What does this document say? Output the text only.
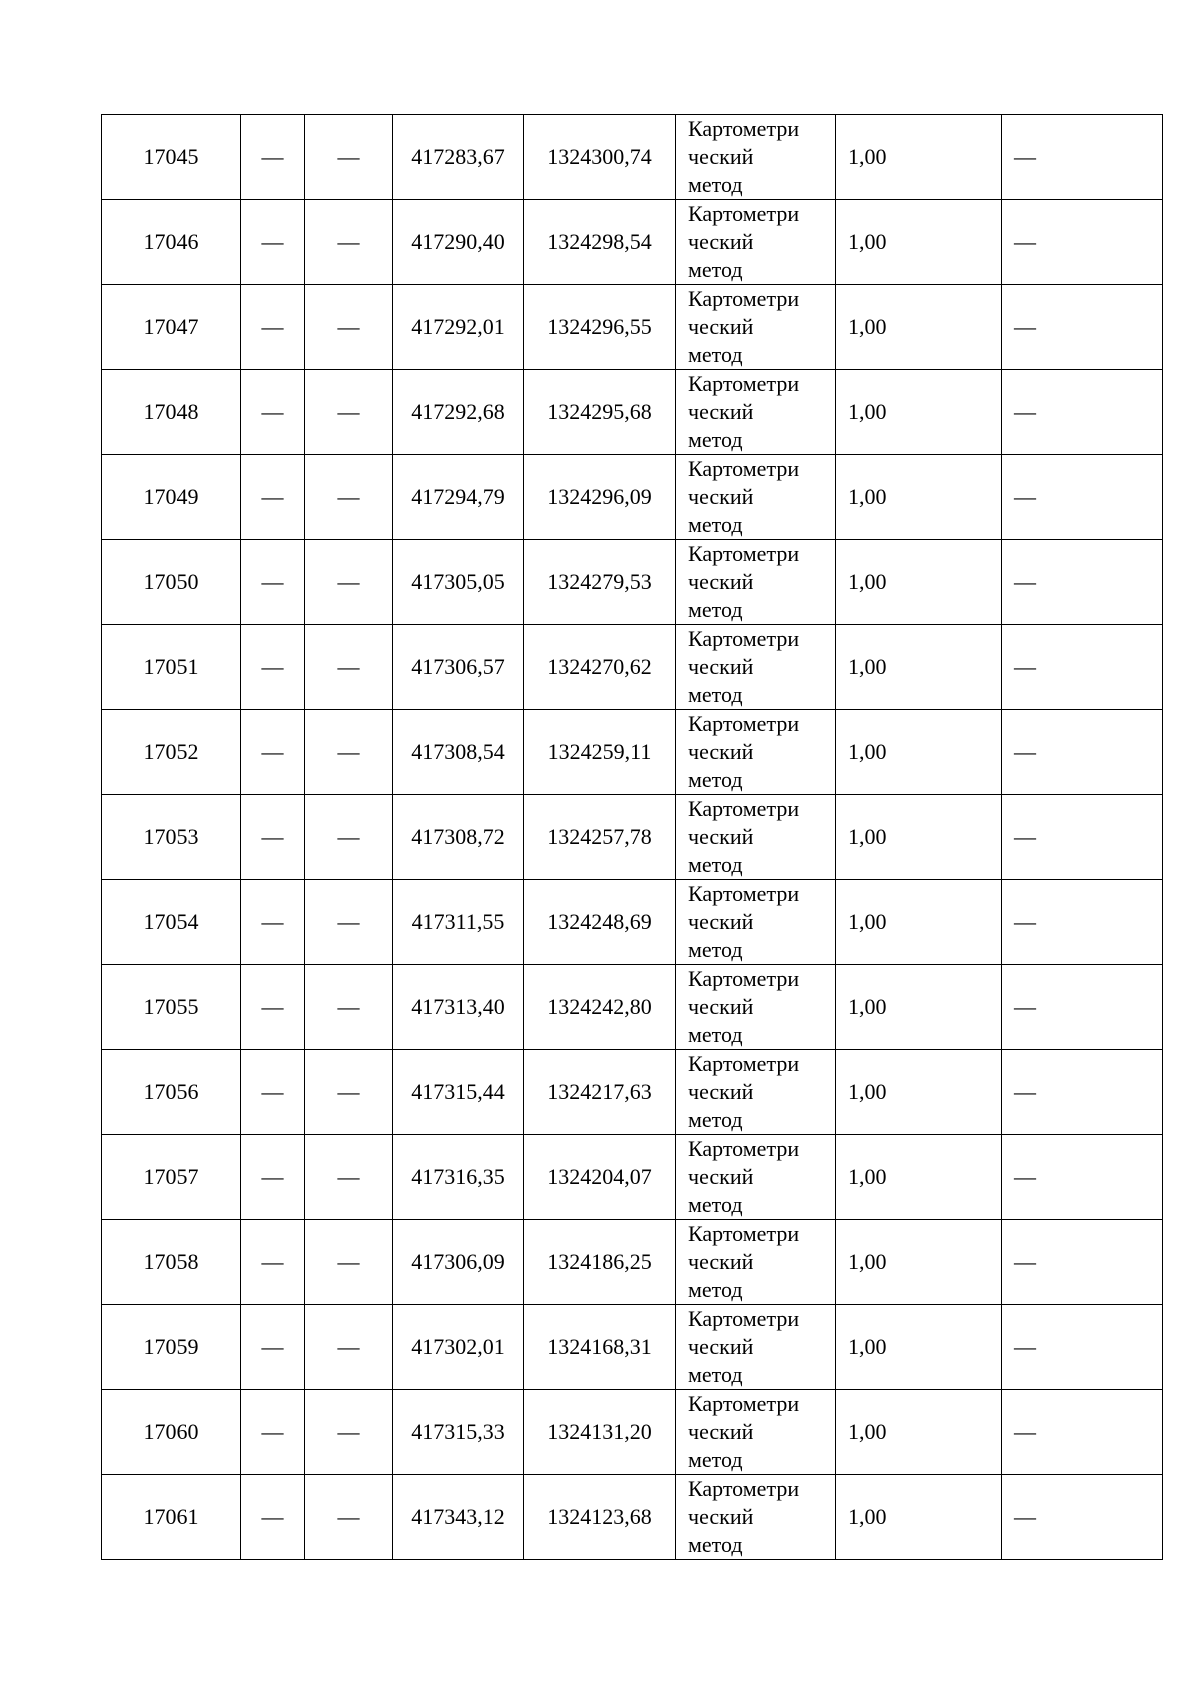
17045	—	—	417283,67	1324300,74	Картометри
ческий
метод	1,00	—
17046	—	—	417290,40	1324298,54	Картометри
ческий
метод	1,00	—
17047	—	—	417292,01	1324296,55	Картометри
ческий
метод	1,00	—
17048	—	—	417292,68	1324295,68	Картометри
ческий
метод	1,00	—
17049	—	—	417294,79	1324296,09	Картометри
ческий
метод	1,00	—
17050	—	—	417305,05	1324279,53	Картометри
ческий
метод	1,00	—
17051	—	—	417306,57	1324270,62	Картометри
ческий
метод	1,00	—
17052	—	—	417308,54	1324259,11	Картометри
ческий
метод	1,00	—
17053	—	—	417308,72	1324257,78	Картометри
ческий
метод	1,00	—
17054	—	—	417311,55	1324248,69	Картометри
ческий
метод	1,00	—
17055	—	—	417313,40	1324242,80	Картометри
ческий
метод	1,00	—
17056	—	—	417315,44	1324217,63	Картометри
ческий
метод	1,00	—
17057	—	—	417316,35	1324204,07	Картометри
ческий
метод	1,00	—
17058	—	—	417306,09	1324186,25	Картометри
ческий
метод	1,00	—
17059	—	—	417302,01	1324168,31	Картометри
ческий
метод	1,00	—
17060	—	—	417315,33	1324131,20	Картометри
ческий
метод	1,00	—
17061	—	—	417343,12	1324123,68	Картометри
ческий
метод	1,00	—
